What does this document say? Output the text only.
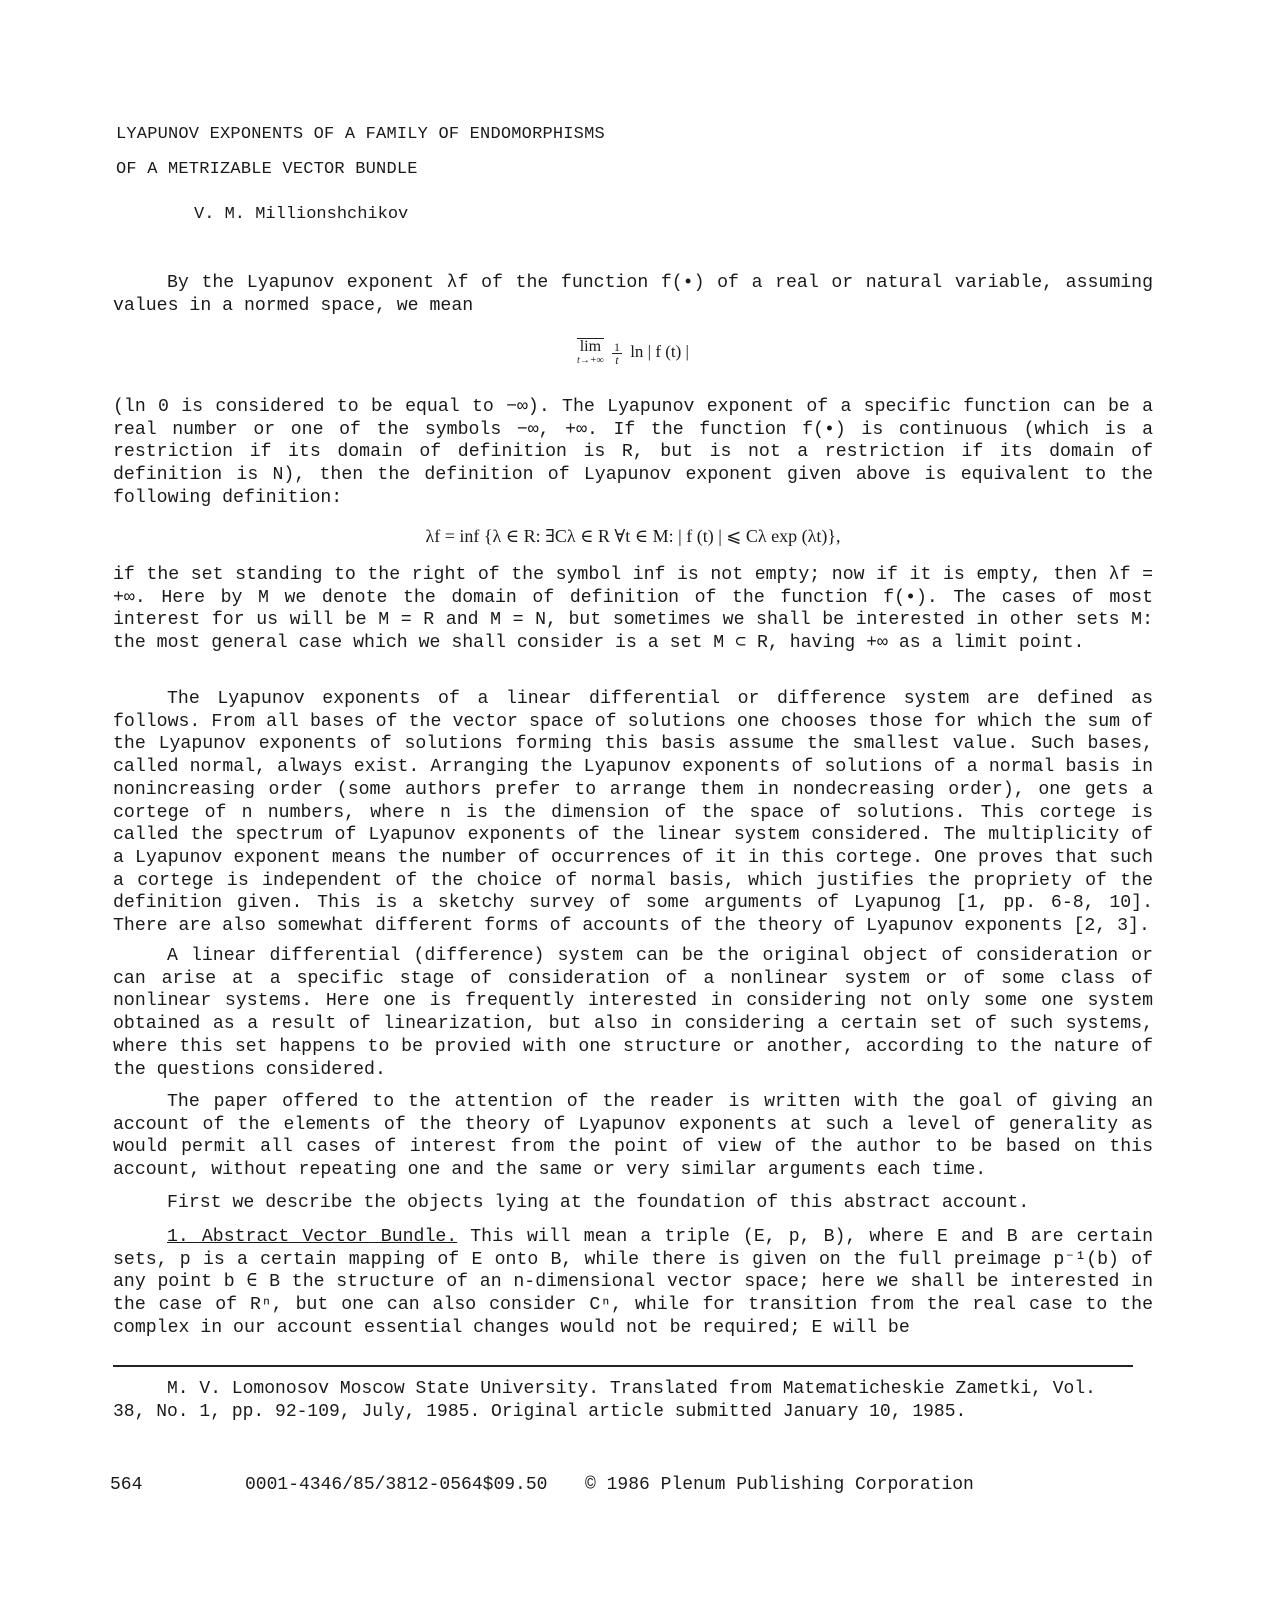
LYAPUNOV EXPONENTS OF A FAMILY OF ENDOMORPHISMS
OF A METRIZABLE VECTOR BUNDLE
V. M. Millionshchikov

By the Lyapunov exponent λf of the function f(•) of a real or natural variable, assuming values in a normed space, we mean

lim
t→+∞
$\frac{1}{t}$ ln | f (t) |

(ln 0 is considered to be equal to −∞). The Lyapunov exponent of a specific function can be a real number or one of the symbols −∞, +∞. If the function f(•) is continuous (which is a restriction if its domain of definition is R, but is not a restriction if its domain of definition is N), then the definition of Lyapunov exponent given above is equivalent to the following definition:

λf = inf {λ ∈ R: ∃Cλ ∈ R ∀t ∈ M: | f (t) | ⩽ Cλ exp (λt)},

if the set standing to the right of the symbol inf is not empty; now if it is empty, then λf = +∞. Here by M we denote the domain of definition of the function f(•). The cases of most interest for us will be M = R and M = N, but sometimes we shall be interested in other sets M: the most general case which we shall consider is a set M ⊂ R, having +∞ as a limit point.

The Lyapunov exponents of a linear differential or difference system are defined as follows. From all bases of the vector space of solutions one chooses those for which the sum of the Lyapunov exponents of solutions forming this basis assume the smallest value. Such bases, called normal, always exist. Arranging the Lyapunov exponents of solutions of a normal basis in nonincreasing order (some authors prefer to arrange them in nondecreasing order), one gets a cortege of n numbers, where n is the dimension of the space of solutions. This cortege is called the spectrum of Lyapunov exponents of the linear system considered. The multiplicity of a Lyapunov exponent means the number of occurrences of it in this cortege. One proves that such a cortege is independent of the choice of normal basis, which justifies the propriety of the definition given. This is a sketchy survey of some arguments of Lyapunog [1, pp. 6-8, 10]. There are also somewhat different forms of accounts of the theory of Lyapunov exponents [2, 3].

A linear differential (difference) system can be the original object of consideration or can arise at a specific stage of consideration of a nonlinear system or of some class of nonlinear systems. Here one is frequently interested in considering not only some one system obtained as a result of linearization, but also in considering a certain set of such systems, where this set happens to be provied with one structure or another, according to the nature of the questions considered.

The paper offered to the attention of the reader is written with the goal of giving an account of the elements of the theory of Lyapunov exponents at such a level of generality as would permit all cases of interest from the point of view of the author to be based on this account, without repeating one and the same or very similar arguments each time.

First we describe the objects lying at the foundation of this abstract account.

1. Abstract Vector Bundle. This will mean a triple (E, p, B), where E and B are certain sets, p is a certain mapping of E onto B, while there is given on the full preimage p⁻¹(b) of any point b ∈ B the structure of an n-dimensional vector space; here we shall be interested in the case of Rⁿ, but one can also consider Cⁿ, while for transition from the real case to the complex in our account essential changes would not be required; E will be

M. V. Lomonosov Moscow State University. Translated from Matematicheskie Zametki, Vol.
38, No. 1, pp. 92-109, July, 1985. Original article submitted January 10, 1985.
564	0001-4346/85/3812-0564$09.50 © 1986 Plenum Publishing Corporation
